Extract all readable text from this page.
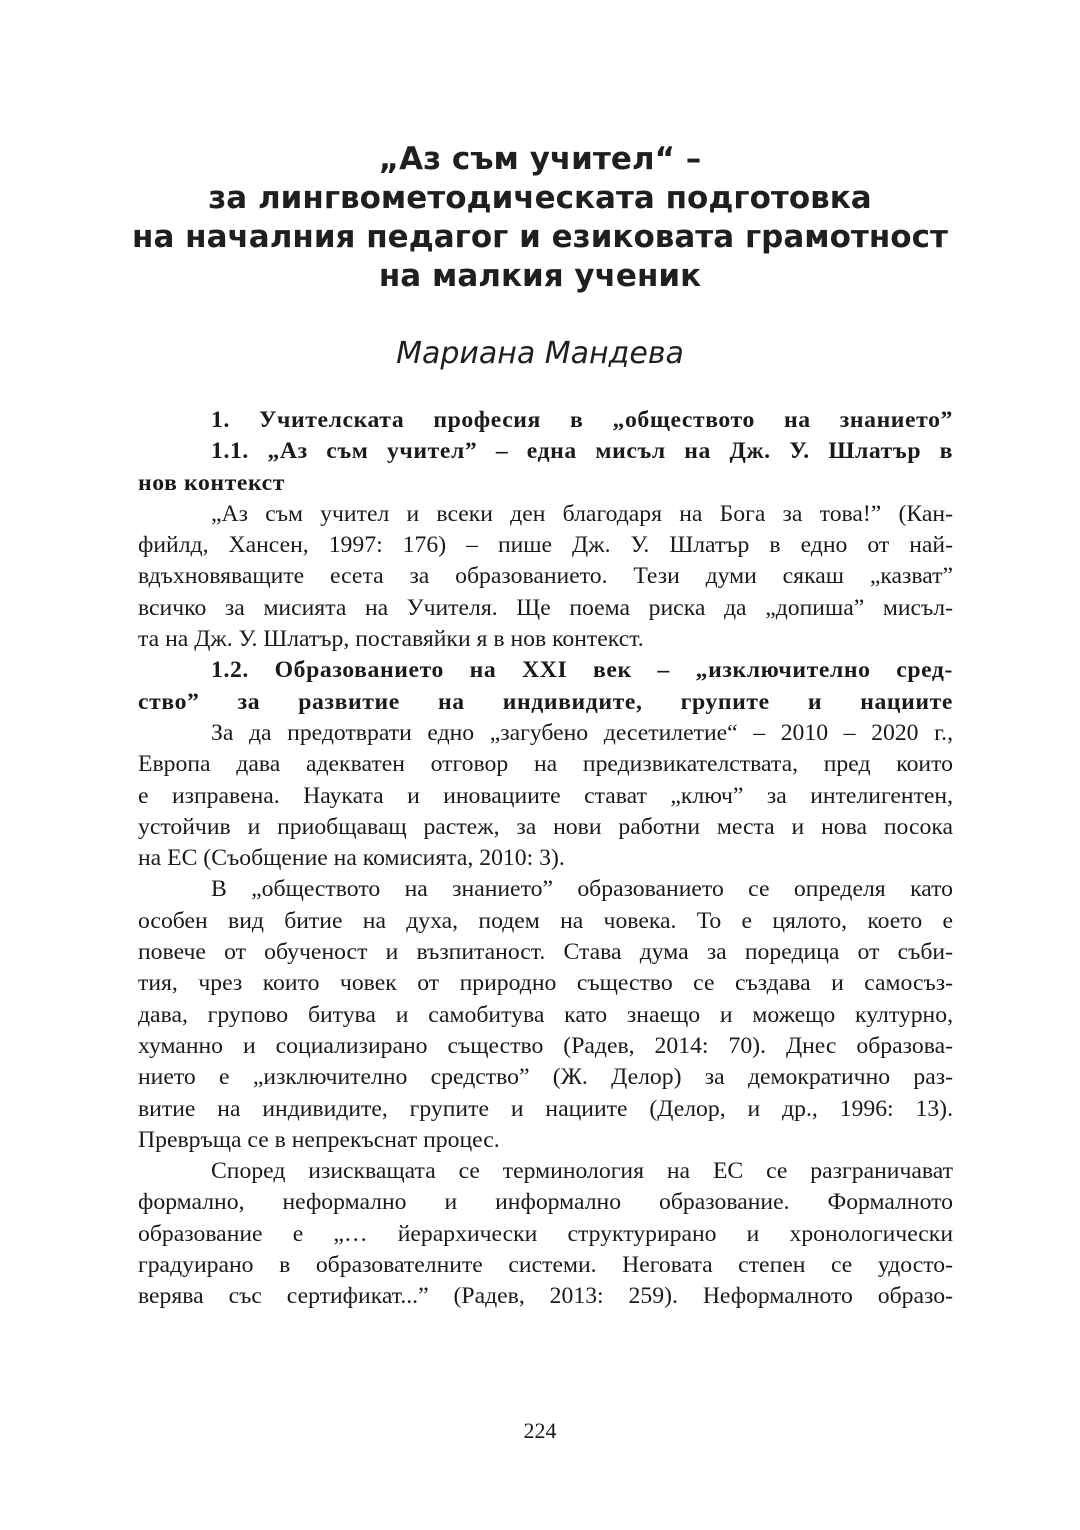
„Аз съм учител“ –
за лингвометодическата подготовка
на началния педагог и езиковата грамотност
на малкия ученик
Мариана Мандева
1. Учителската професия в „обществото на знанието”
1.1. „Аз съм учител” – една мисъл на Дж. У. Шлатър в
нов контекст
„Аз съм учител и всеки ден благодаря на Бога за това!” (Кан-
фийлд, Хансен, 1997: 176) – пише Дж. У. Шлатър в едно от най-
вдъхновяващите есета за образованието. Тези думи сякаш „казват”
всичко за мисията на Учителя. Ще поема риска да „допиша” мисъл-
та на Дж. У. Шлатър, поставяйки я в нов контекст.
1.2. Образованието на XXI век – „изключително сред-
ство” за развитие на индивидите, групите и нациите
За да предотврати едно „загубено десетилетие“ – 2010 – 2020 г.,
Европа дава адекватен отговор на предизвикателствата, пред които
е изправена. Науката и иновациите стават „ключ” за интелигентен,
устойчив и приобщаващ растеж, за нови работни места и нова посока
на ЕС (Съобщение на комисията, 2010: 3).
В „обществото на знанието” образованието се определя като
особен вид битие на духа, подем на човека. То е цялото, което е
повече от обученост и възпитаност. Става дума за поредица от съби-
тия, чрез които човек от природно същество се създава и самосъз-
дава, групово битува и самобитува като знаещо и можещо културно,
хуманно и социализирано същество (Радев, 2014: 70). Днес образова-
нието е „изключително средство” (Ж. Делор) за демократично раз-
витие на индивидите, групите и нациите (Делор, и др., 1996: 13).
Превръща се в непрекъснат процес.
Според изискващата се терминология на ЕС се разграничават
формално, неформално и информално образование. Формалното
образование е „… йерархически структурирано и хронологически
градуирано в образователните системи. Неговата степен се удосто-
верява със сертификат...” (Радев, 2013: 259). Неформалното образо-
224
